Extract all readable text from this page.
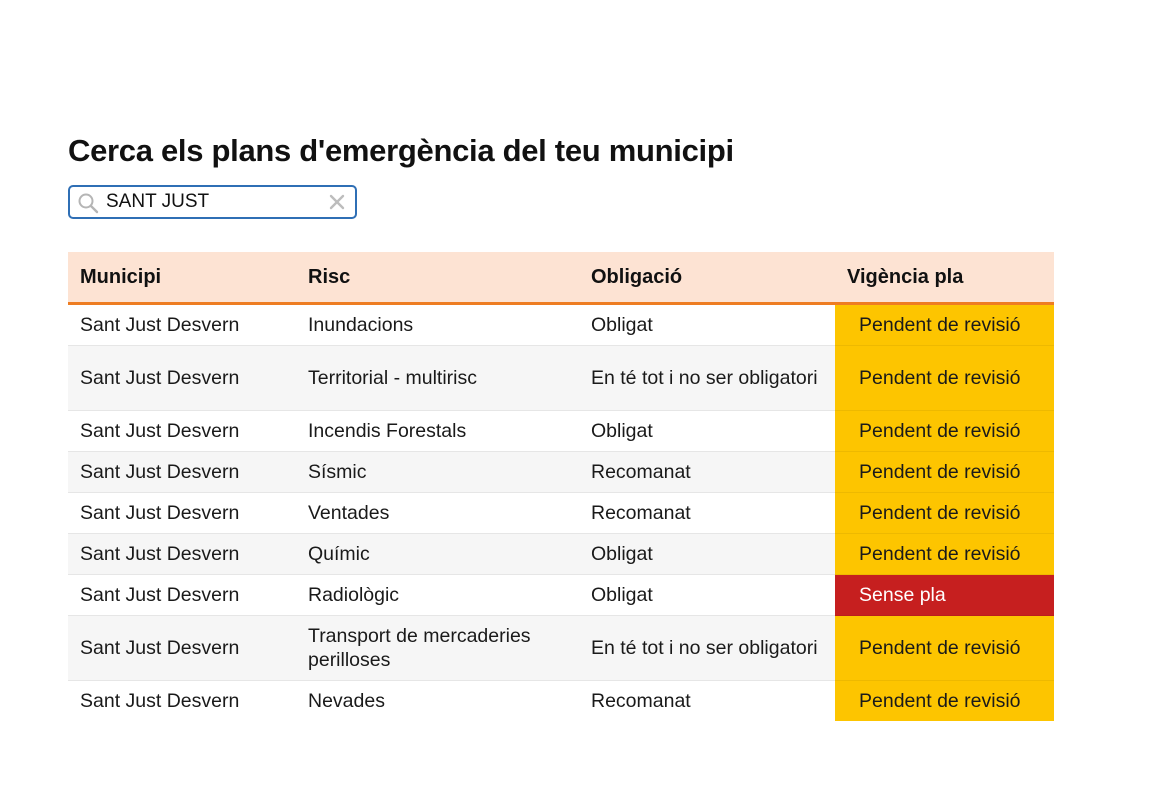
Cerca els plans d'emergència del teu municipi
SANT JUST
Municipi	Risc	Obligació	Vigència pla
Sant Just Desvern	Inundacions	Obligat	Pendent de revisió
Sant Just Desvern	Territorial - multirisc	En té tot i no ser obligatori	Pendent de revisió
Sant Just Desvern	Incendis Forestals	Obligat	Pendent de revisió
Sant Just Desvern	Sísmic	Recomanat	Pendent de revisió
Sant Just Desvern	Ventades	Recomanat	Pendent de revisió
Sant Just Desvern	Químic	Obligat	Pendent de revisió
Sant Just Desvern	Radiològic	Obligat	Sense pla
Sant Just Desvern	Transport de mercaderies perilloses	En té tot i no ser obligatori	Pendent de revisió
Sant Just Desvern	Nevades	Recomanat	Pendent de revisió
